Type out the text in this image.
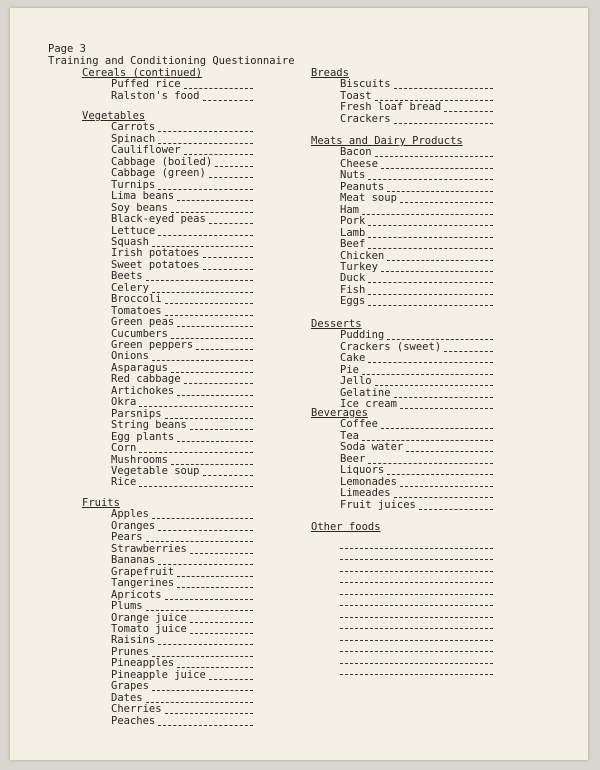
Page 3
Training and Conditioning Questionnaire
Cereals (continued)
Puffed rice
Ralston's food
Vegetables
Carrots
Spinach
Cauliflower
Cabbage (boiled)
Cabbage (green)
Turnips
Lima beans
Soy beans
Black-eyed peas
Lettuce
Squash
Irish potatoes
Sweet potatoes
Beets
Celery
Broccoli
Tomatoes
Green peas
Cucumbers
Green peppers
Onions
Asparagus
Red cabbage
Artichokes
Okra
Parsnips
String beans
Egg plants
Corn
Mushrooms
Vegetable soup
Rice
Fruits
Apples
Oranges
Pears
Strawberries
Bananas
Grapefruit
Tangerines
Apricots
Plums
Orange juice
Tomato juice
Raisins
Prunes
Pineapples
Pineapple juice
Grapes
Dates
Cherries
Peaches
Breads
Biscuits
Toast
Fresh loaf bread
Crackers
Meats and Dairy Products
Bacon
Cheese
Nuts
Peanuts
Meat soup
Ham
Pork
Lamb
Beef
Chicken
Turkey
Duck
Fish
Eggs
Desserts
Pudding
Crackers (sweet)
Cake
Pie
Jello
Gelatine
Ice cream
Beverages
Coffee
Tea
Soda water
Beer
Liquors
Lemonades
Limeades
Fruit juices
Other foods
